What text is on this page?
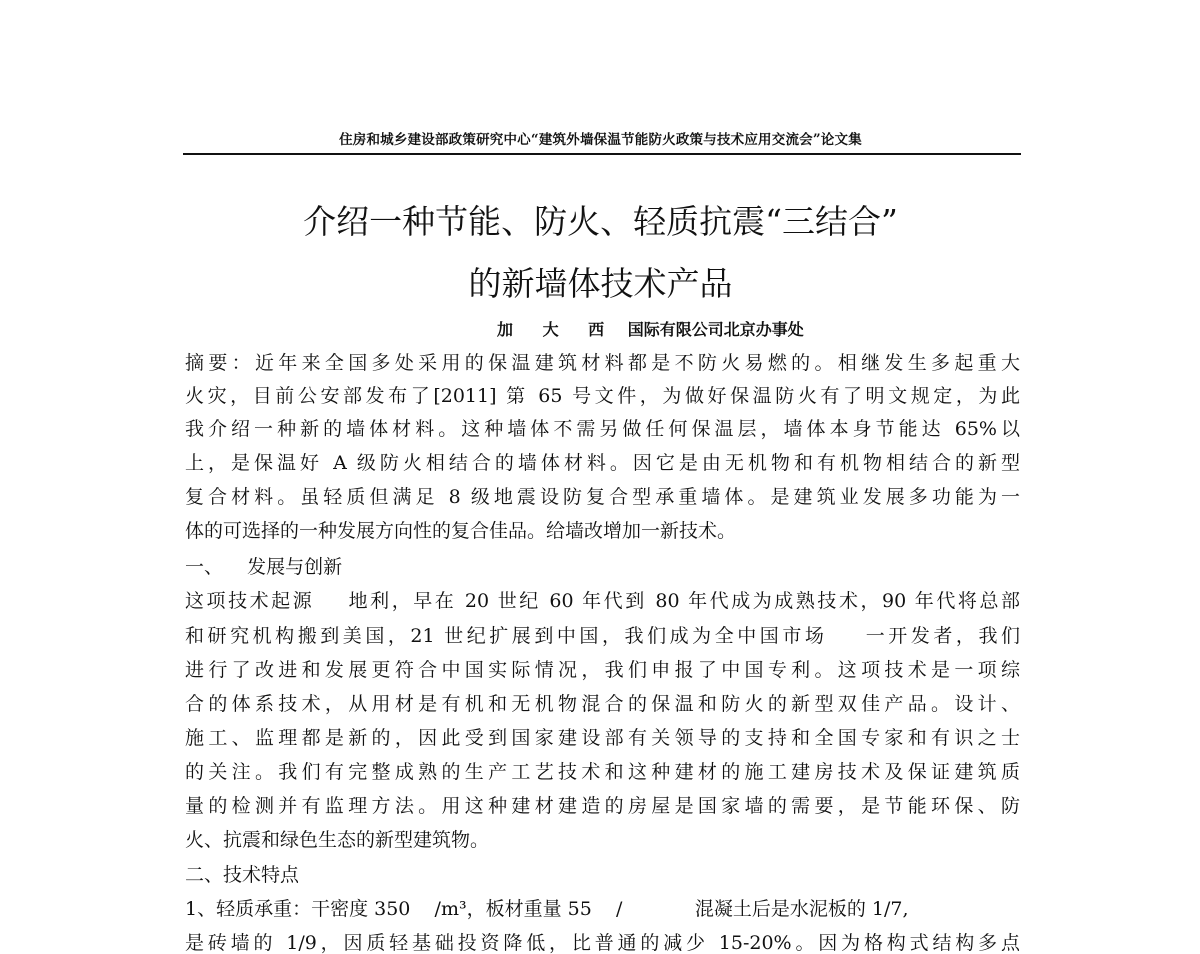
住房和城乡建设部政策研究中心“建筑外墙保温节能防火政策与技术应用交流会”论文集
介绍一种节能、防火、轻质抗震“三结合”
的新墙体技术产品
加 大 西 国际有限公司北京办事处
摘要：近年来全国多处采用的保温建筑材料都是不防火易燃的。相继发生多起重大
火灾，目前公安部发布了[2011] 第 65 号文件，为做好保温防火有了明文规定，为此
我介绍一种新的墙体材料。这种墙体不需另做任何保温层，墙体本身节能达 65%以
上，是保温好 A 级防火相结合的墙体材料。因它是由无机物和有机物相结合的新型
复合材料。虽轻质但满足 8 级地震设防复合型承重墙体。是建筑业发展多功能为一
体的可选择的一种发展方向性的复合佳品。给墙改增加一新技术。
一、    发展与创新
这项技术起源    地利，早在 20 世纪 60 年代到 80 年代成为成熟技术，90 年代将总部
和研究机构搬到美国，21 世纪扩展到中国，我们成为全中国市场    一开发者，我们
进行了改进和发展更符合中国实际情况，我们申报了中国专利。这项技术是一项综
合的体系技术，从用材是有机和无机物混合的保温和防火的新型双佳产品。设计、
施工、监理都是新的，因此受到国家建设部有关领导的支持和全国专家和有识之士
的关注。我们有完整成熟的生产工艺技术和这种建材的施工建房技术及保证建筑质
量的检测并有监理方法。用这种建材建造的房屋是国家墙的需要，是节能环保、防
火、抗震和绿色生态的新型建筑物。
二、技术特点
1、轻质承重：干密度 350    /m³，板材重量 55    /            混凝土后是水泥板的 1/7,
是砖墙的 1/9，因质轻基础投资降低，比普通的减少 15-20%。因为格构式结构多点
